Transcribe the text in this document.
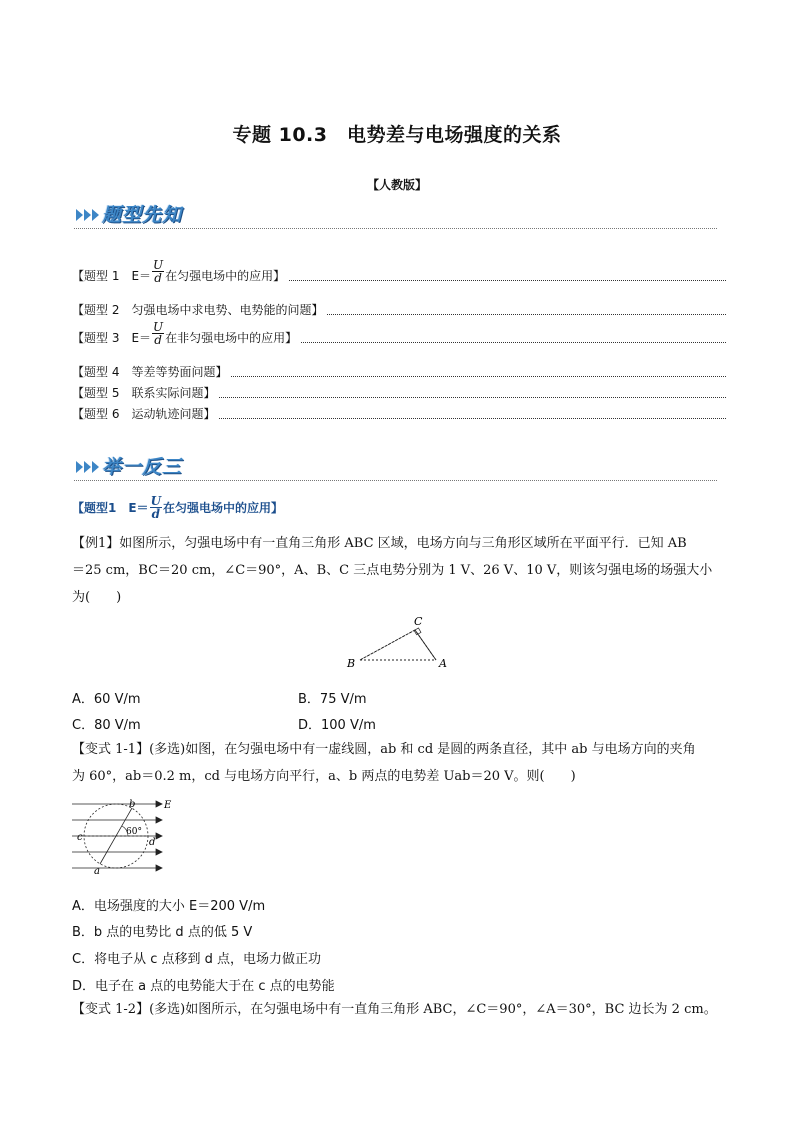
专题 10.3　电势差与电场强度的关系
【人教版】
题型先知
【题型 1　$E= \frac{U}{d}$ 在匀强电场中的应用】
【题型 2　匀强电场中求电势、电势能的问题】
【题型 3　$E= \frac{U}{d}$ 在非匀强电场中的应用】
【题型 4　等差等势面问题】
【题型 5　联系实际问题】
【题型 6　运动轨迹问题】
举一反三
【题型1　$E= \frac{U}{d}$ 在匀强电场中的应用】
【例1】如图所示，匀强电场中有一直角三角形 ABC 区域，电场方向与三角形区域所在平面平行．已知 AB
＝25 cm，BC＝20 cm，∠C＝90°，A、B、C 三点电势分别为 1 V、26 V、10 V，则该匀强电场的场强大小
为(　　)
C
B	A
A．60 V/m	B．75 V/m
C．80 V/m	D．100 V/m
【变式 1-1】(多选)如图，在匀强电场中有一虚线圆，ab 和 cd 是圆的两条直径，其中 ab 与电场方向的夹角
为 60°，ab＝0.2 m，cd 与电场方向平行，a、b 两点的电势差 Uab＝20 V。则(　　)
60°
E
b
a
c	d
A．电场强度的大小 E＝200 V/m
B．b 点的电势比 d 点的低 5 V
C．将电子从 c 点移到 d 点，电场力做正功
D．电子在 a 点的电势能大于在 c 点的电势能
【变式 1-2】(多选)如图所示，在匀强电场中有一直角三角形 ABC，∠C＝90°，∠A＝30°，BC 边长为 2 cm。
